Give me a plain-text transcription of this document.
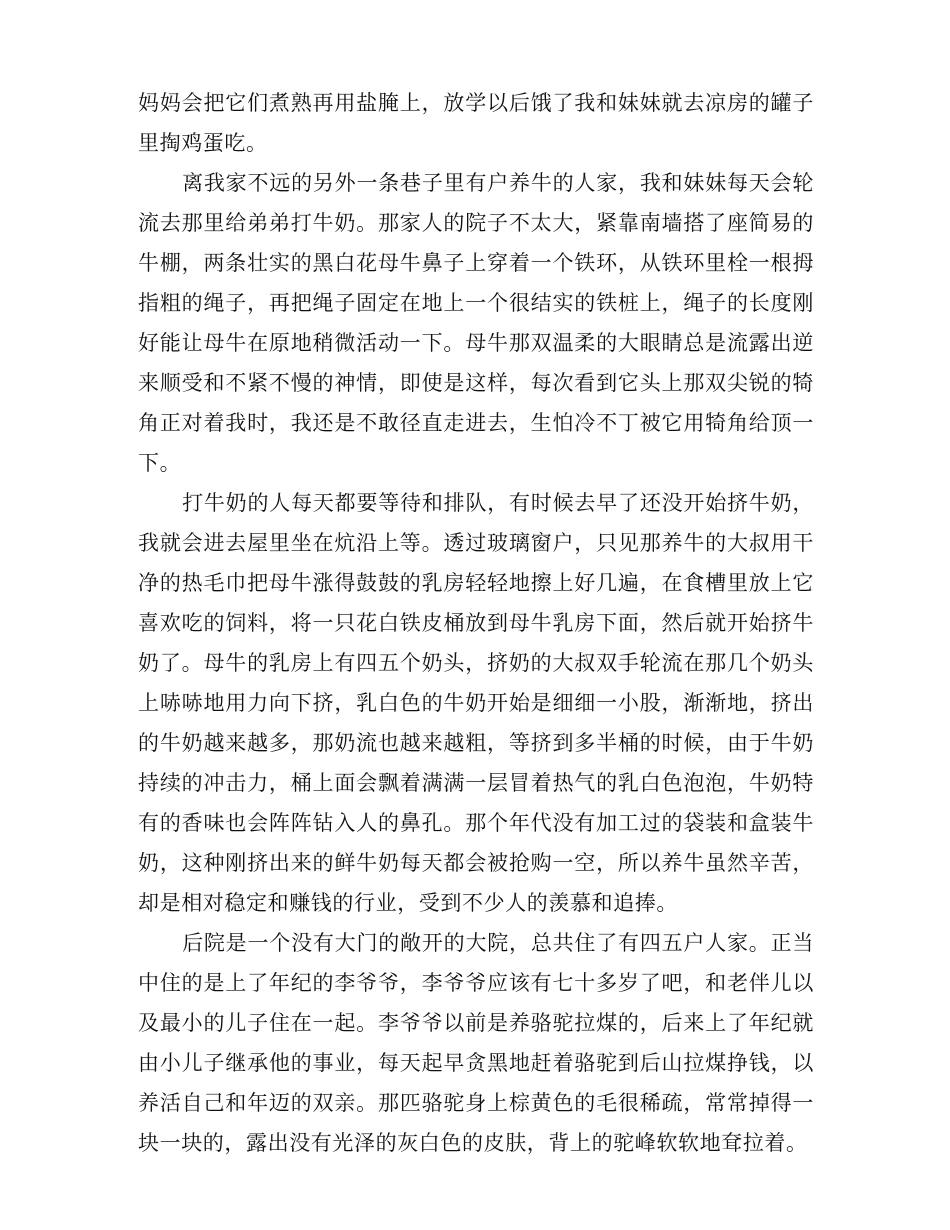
妈妈会把它们煮熟再用盐腌上，放学以后饿了我和妹妹就去凉房的罐子里掏鸡蛋吃。

离我家不远的另外一条巷子里有户养牛的人家，我和妹妹每天会轮流去那里给弟弟打牛奶。那家人的院子不太大，紧靠南墙搭了座简易的牛棚，两条壮实的黑白花母牛鼻子上穿着一个铁环，从铁环里栓一根拇指粗的绳子，再把绳子固定在地上一个很结实的铁桩上，绳子的长度刚好能让母牛在原地稍微活动一下。母牛那双温柔的大眼睛总是流露出逆来顺受和不紧不慢的神情，即使是这样，每次看到它头上那双尖锐的犄角正对着我时，我还是不敢径直走进去，生怕冷不丁被它用犄角给顶一下。

打牛奶的人每天都要等待和排队，有时候去早了还没开始挤牛奶，我就会进去屋里坐在炕沿上等。透过玻璃窗户，只见那养牛的大叔用干净的热毛巾把母牛涨得鼓鼓的乳房轻轻地擦上好几遍，在食槽里放上它喜欢吃的饲料，将一只花白铁皮桶放到母牛乳房下面，然后就开始挤牛奶了。母牛的乳房上有四五个奶头，挤奶的大叔双手轮流在那几个奶头上哧哧地用力向下挤，乳白色的牛奶开始是细细一小股，渐渐地，挤出的牛奶越来越多，那奶流也越来越粗，等挤到多半桶的时候，由于牛奶持续的冲击力，桶上面会飘着满满一层冒着热气的乳白色泡泡，牛奶特有的香味也会阵阵钻入人的鼻孔。那个年代没有加工过的袋装和盒装牛奶，这种刚挤出来的鲜牛奶每天都会被抢购一空，所以养牛虽然辛苦，却是相对稳定和赚钱的行业，受到不少人的羡慕和追捧。

后院是一个没有大门的敞开的大院，总共住了有四五户人家。正当中住的是上了年纪的李爷爷，李爷爷应该有七十多岁了吧，和老伴儿以及最小的儿子住在一起。李爷爷以前是养骆驼拉煤的，后来上了年纪就由小儿子继承他的事业，每天起早贪黑地赶着骆驼到后山拉煤挣钱，以养活自己和年迈的双亲。那匹骆驼身上棕黄色的毛很稀疏，常常掉得一块一块的，露出没有光泽的灰白色的皮肤，背上的驼峰软软地耷拉着。
